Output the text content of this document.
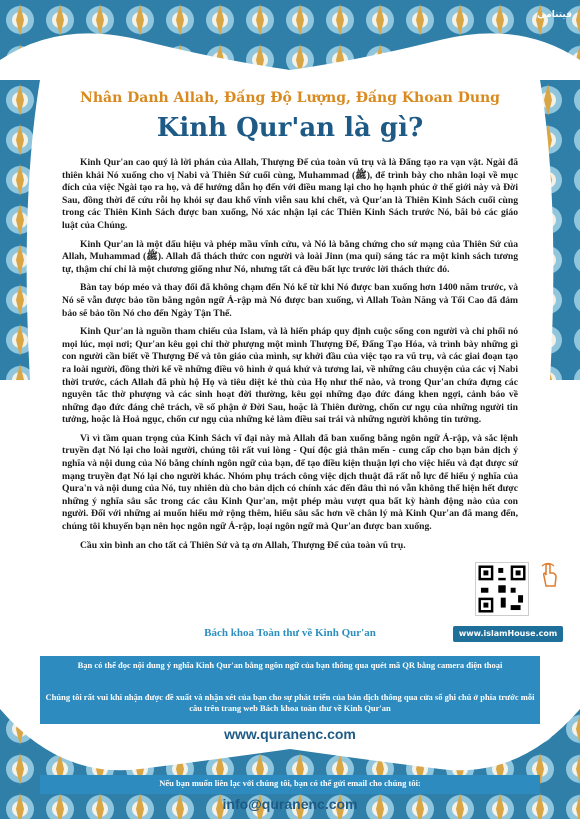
فيتنامي
Nhân Danh Allah, Đấng Độ Lượng, Đấng Khoan Dung
Kinh Qur'an là gì?

Kinh Qur'an cao quý là lời phán của Allah, Thượng Đế của toàn vũ trụ và là Đấng tạo ra vạn vật. Ngài đã thiên khải Nó xuống cho vị Nabi và Thiên Sứ cuối cùng, Muhammad (ﷺ), để trình bày cho nhân loại về mục đích của việc Ngài tạo ra họ, và để hướng dẫn họ đến với điều mang lại cho họ hạnh phúc ở thế giới này và Đời Sau, đồng thời để cứu rỗi họ khỏi sự đau khổ vĩnh viễn sau khi chết, và Qur'an là Thiên Kinh Sách cuối cùng trong các Thiên Kinh Sách được ban xuống, Nó xác nhận lại các Thiên Kinh Sách trước Nó, bãi bỏ các giáo luật của Chúng.

Kinh Qur'an là một dấu hiệu và phép mầu vĩnh cửu, và Nó là bằng chứng cho sứ mạng của Thiên Sứ của Allah, Muhammad (ﷺ). Allah đã thách thức con người và loài Jinn (ma quỉ) sáng tác ra một kinh sách tương tự, thậm chí chỉ là một chương giống như Nó, nhưng tất cả đều bất lực trước lời thách thức đó.

Bàn tay bóp méo và thay đổi đã không chạm đến Nó kể từ khi Nó được ban xuống hơn 1400 năm trước, và Nó sẽ vẫn được bảo tồn bằng ngôn ngữ Ả-rập mà Nó được ban xuống, vì Allah Toàn Năng và Tối Cao đã đảm bảo sẽ bảo tồn Nó cho đến Ngày Tận Thế.

Kinh Qur'an là nguồn tham chiếu của Islam, và là hiến pháp quy định cuộc sống con người và chỉ phối nó mọi lúc, mọi nơi; Qur'an kêu gọi chỉ thờ phượng một mình Thượng Đế, Đấng Tạo Hóa, và trình bày những gì con người cần biết về Thượng Đế và tôn giáo của mình, sự khởi đầu của việc tạo ra vũ trụ, và các giai đoạn tạo ra loài người, đồng thời kể về những điều vô hình ở quá khứ và tương lai, về những câu chuyện của các vị Nabi thời trước, cách Allah đã phù hộ Họ và tiêu diệt kẻ thù của Họ như thế nào, và trong Qur'an chứa đựng các nguyên tắc thờ phượng và các sinh hoạt đời thường, kêu gọi những đạo đức đáng khen ngợi, cảnh báo về những đạo đức đáng chê trách, về số phận ở Đời Sau, hoặc là Thiên đường, chốn cư ngụ của những người tin tưởng, hoặc là Hoả ngục, chốn cư ngụ của những kẻ làm điều sai trái và những người không tin tưởng.

Vì vì tầm quan trọng của Kinh Sách vĩ đại này mà Allah đã ban xuống bằng ngôn ngữ Ả-rập, và sắc lệnh truyền đạt Nó lại cho loài người, chúng tôi rất vui lòng - Quí độc giả thân mến - cung cấp cho bạn bản dịch ý nghĩa và nội dung của Nó bằng chính ngôn ngữ của bạn, để tạo điều kiện thuận lợi cho việc hiểu và đạt được sứ mạng truyền đạt Nó lại cho người khác. Nhóm phụ trách công việc dịch thuật đã rất nỗ lực để hiểu ý nghĩa của Qura'n và nội dung của Nó, tuy nhiên dù cho bản dịch có chính xác đến đâu thì nó vẫn không thể hiện hết được những ý nghĩa sâu sắc trong các câu Kinh Qur'an, một phép màu vượt qua bất kỳ hành động nào của con người. Đối với những ai muốn hiểu mở rộng thêm, hiểu sâu sắc hơn về chân lý mà Kinh Qur'an đã mang đến, chúng tôi khuyến bạn nên học ngôn ngữ Ả-rập, loại ngôn ngữ mà Qur'an được ban xuống.

Cầu xin bình an cho tất cả Thiên Sứ và tạ ơn Allah, Thượng Đế của toàn vũ trụ.

www.islamHouse.com
Bách khoa Toàn thư về Kinh Qur'an
Bạn có thể đọc nội dung ý nghĩa Kinh Qur'an bằng ngôn ngữ của bạn thông qua quét mã QR bằng camera điện thoại
Chúng tôi rất vui khi nhận được đề xuất và nhận xét của bạn cho sự phát triển của bản dịch thông qua cửa sổ ghi chú ở phía trước mỗi câu trên trang web Bách khoa toàn thư về Kinh Qur'an
www.quranenc.com
Nếu bạn muốn liên lạc với chúng tôi, bạn có thể gửi email cho chúng tôi:
info@quranenc.com
